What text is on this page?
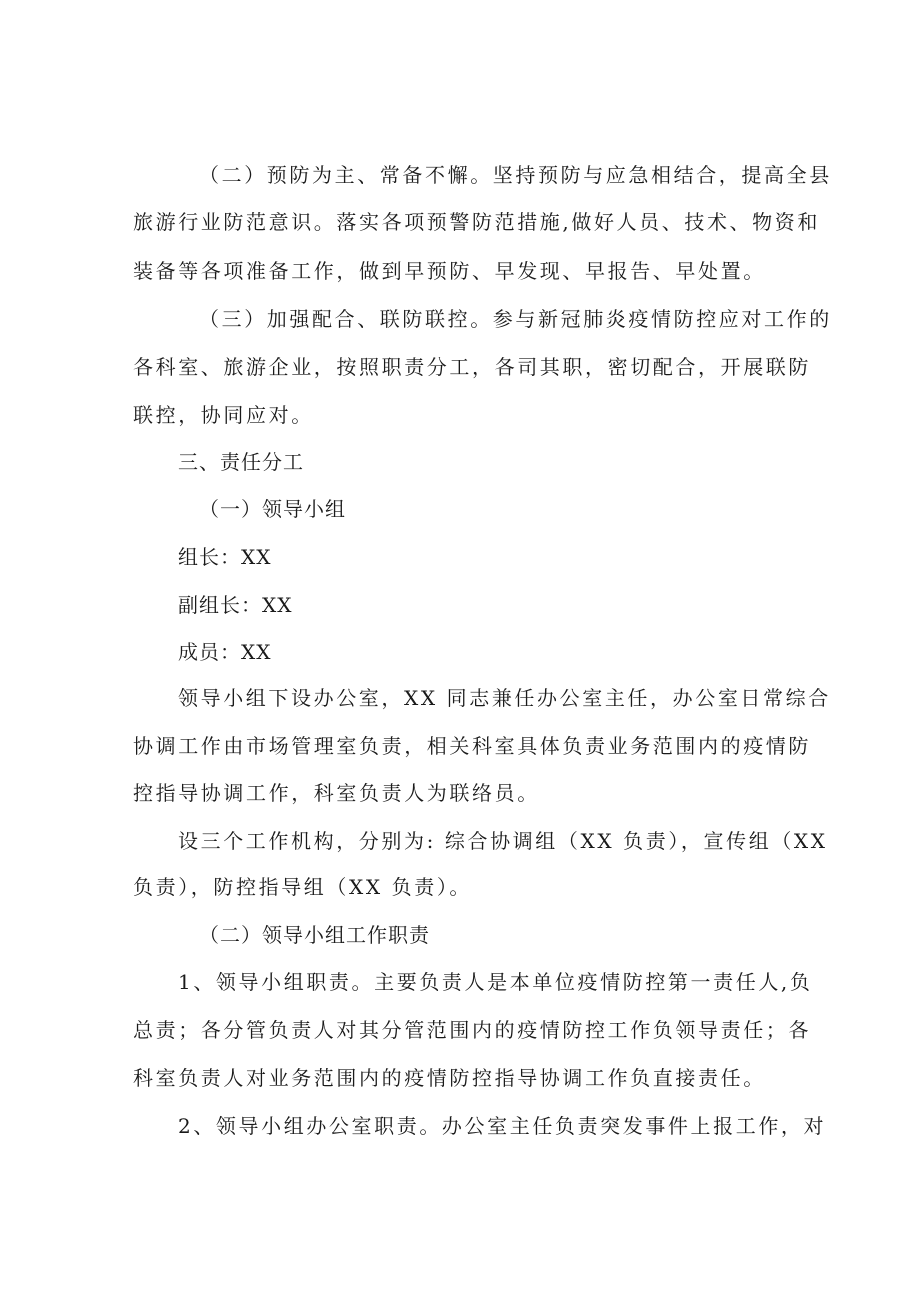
（二）预防为主、常备不懈。坚持预防与应急相结合，提高全县
旅游行业防范意识。落实各项预警防范措施,做好人员、技术、物资和
装备等各项准备工作，做到早预防、早发现、早报告、早处置。
（三）加强配合、联防联控。参与新冠肺炎疫情防控应对工作的
各科室、旅游企业，按照职责分工，各司其职，密切配合，开展联防
联控，协同应对。
三、责任分工
（一）领导小组
组长：XX
副组长：XX
成员：XX
领导小组下设办公室，XX 同志兼任办公室主任，办公室日常综合
协调工作由市场管理室负责，相关科室具体负责业务范围内的疫情防
控指导协调工作，科室负责人为联络员。
设三个工作机构，分别为: 综合协调组（XX 负责），宣传组（XX
负责），防控指导组（XX 负责）。
（二）领导小组工作职责
1、领导小组职责。主要负责人是本单位疫情防控第一责任人,负
总责；各分管负责人对其分管范围内的疫情防控工作负领导责任；各
科室负责人对业务范围内的疫情防控指导协调工作负直接责任。
2、领导小组办公室职责。办公室主任负责突发事件上报工作，对
